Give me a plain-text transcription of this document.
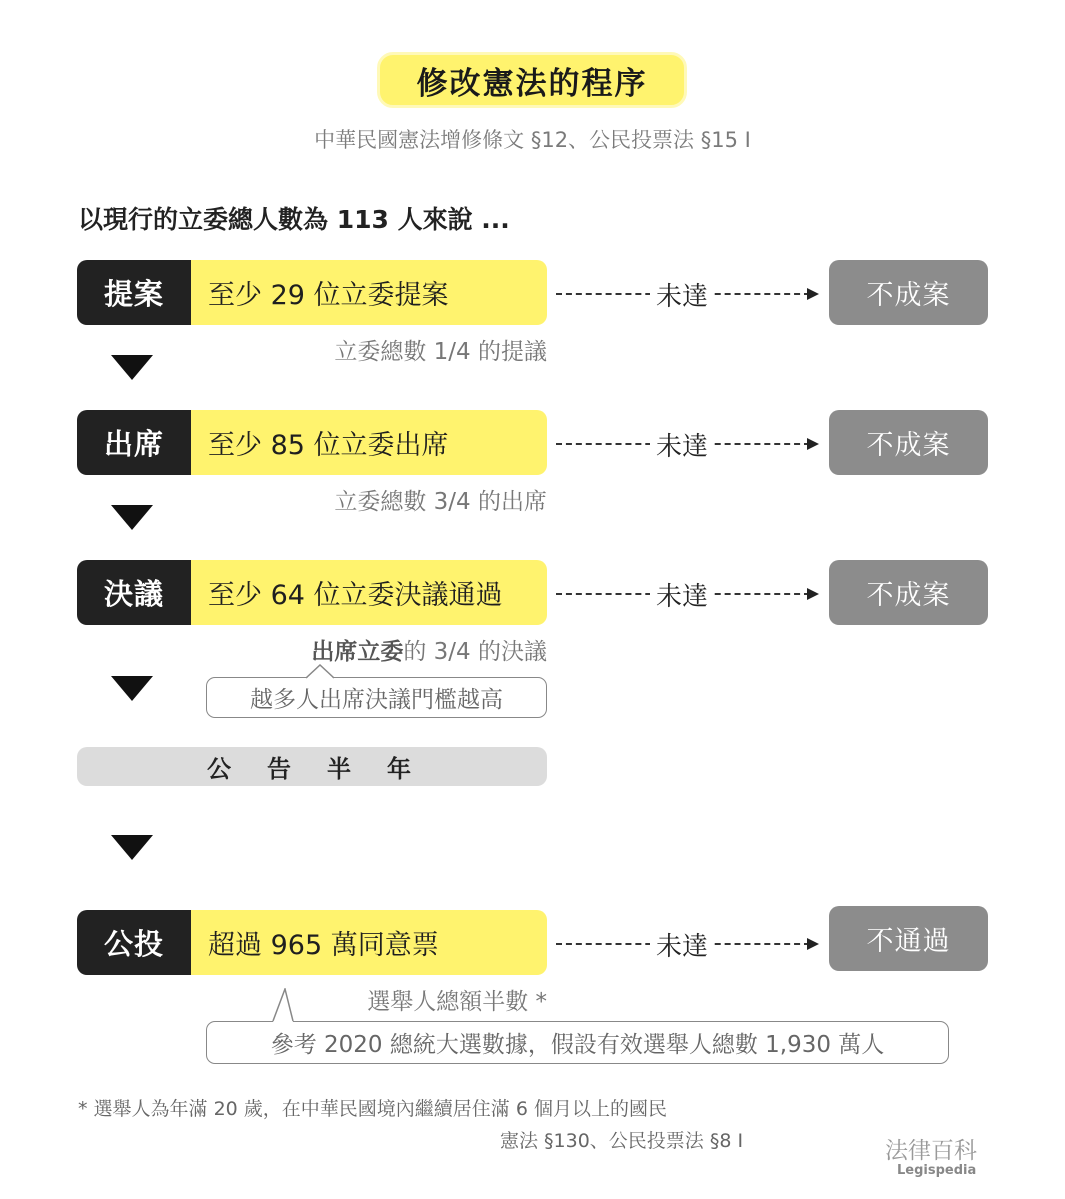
修改憲法的程序
中華民國憲法增修條文 §12、公民投票法 §15 I
以現行的立委總人數為 113 人來說 ...
提案	至少 29 位立委提案
立委總數 1/4 的提議
未達	不成案
出席	至少 85 位立委出席
立委總數 3/4 的出席
未達	不成案
決議	至少 64 位立委決議通過
出席立委的 3/4 的決議
未達	不成案
越多人出席決議門檻越高
公告半年
公投	超過 965 萬同意票
選舉人總額半數 *
未達	不通過
參考 2020 總統大選數據，假設有效選舉人總數 1,930 萬人
* 選舉人為年滿 20 歲，在中華民國境內繼續居住滿 6 個月以上的國民
憲法 §130、公民投票法 §8 I	法律百科
Legispedia
